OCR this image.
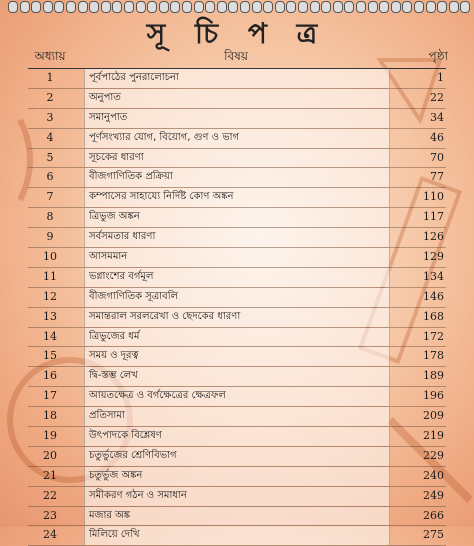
সূ চি প ত্র
অধ্যায়	বিষয়	পৃষ্ঠা
1	পূর্বপাঠের পুনরালোচনা	1
2	অনুপাত	22
3	সমানুপাত	34
4	পূর্ণসংখ্যার যোগ, বিয়োগ, গুণ ও ভাগ	46
5	সূচকের ধারণা	70
6	বীজগাণিতিক প্রক্রিয়া	77
7	কম্পাসের সাহায্যে নির্দিষ্ট কোণ অঙ্কন	110
8	ত্রিভুজ অঙ্কন	117
9	সর্বসমতার ধারণা	126
10	আসমমান	129
11	ভগ্নাংশের বর্গমূল	134
12	বীজগাণিতিক সূত্রাবলি	146
13	সমান্তরাল সরলরেখা ও ছেদকের ধারণা	168
14	ত্রিভুজের ধর্ম	172
15	সময় ও দূরত্ব	178
16	দ্বি-স্তম্ভ লেখ	189
17	আয়তক্ষেত্র ও বর্গক্ষেত্রের ক্ষেত্রফল	196
18	প্রতিসামা	209
19	উৎপাদকে বিশ্লেষণ	219
20	চতুর্ভুজের শ্রেণিবিভাগ	229
21	চতুর্ভুজ অঙ্কন	240
22	সমীকরণ গঠন ও সমাধান	249
23	মজার অঙ্ক	266
24	মিলিয়ে দেখি	275
